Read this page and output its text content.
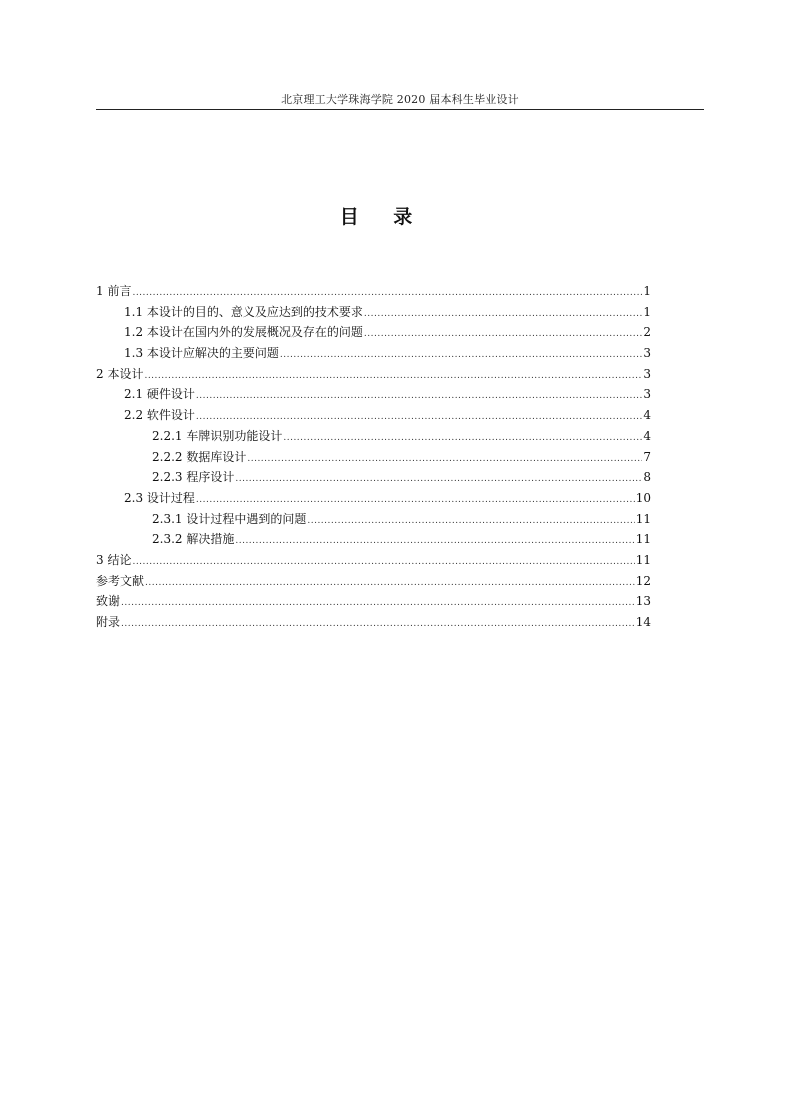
北京理工大学珠海学院 2020 届本科生毕业设计
目 录
1 前言 .....	1
1.1 本设计的目的、意义及应达到的技术要求 .....	1
1.2 本设计在国内外的发展概况及存在的问题 .....	2
1.3 本设计应解决的主要问题 .....	3
2 本设计 .....	3
2.1 硬件设计 .....	3
2.2 软件设计 .....	4
2.2.1 车牌识别功能设计 .....	4
2.2.2 数据库设计 .....	7
2.2.3 程序设计 .....	8
2.3 设计过程 .....	10
2.3.1 设计过程中遇到的问题 .....	11
2.3.2 解决措施 .....	11
3 结论 .....	11
参考文献 .....	12
致谢 .....	13
附录 .....	14
